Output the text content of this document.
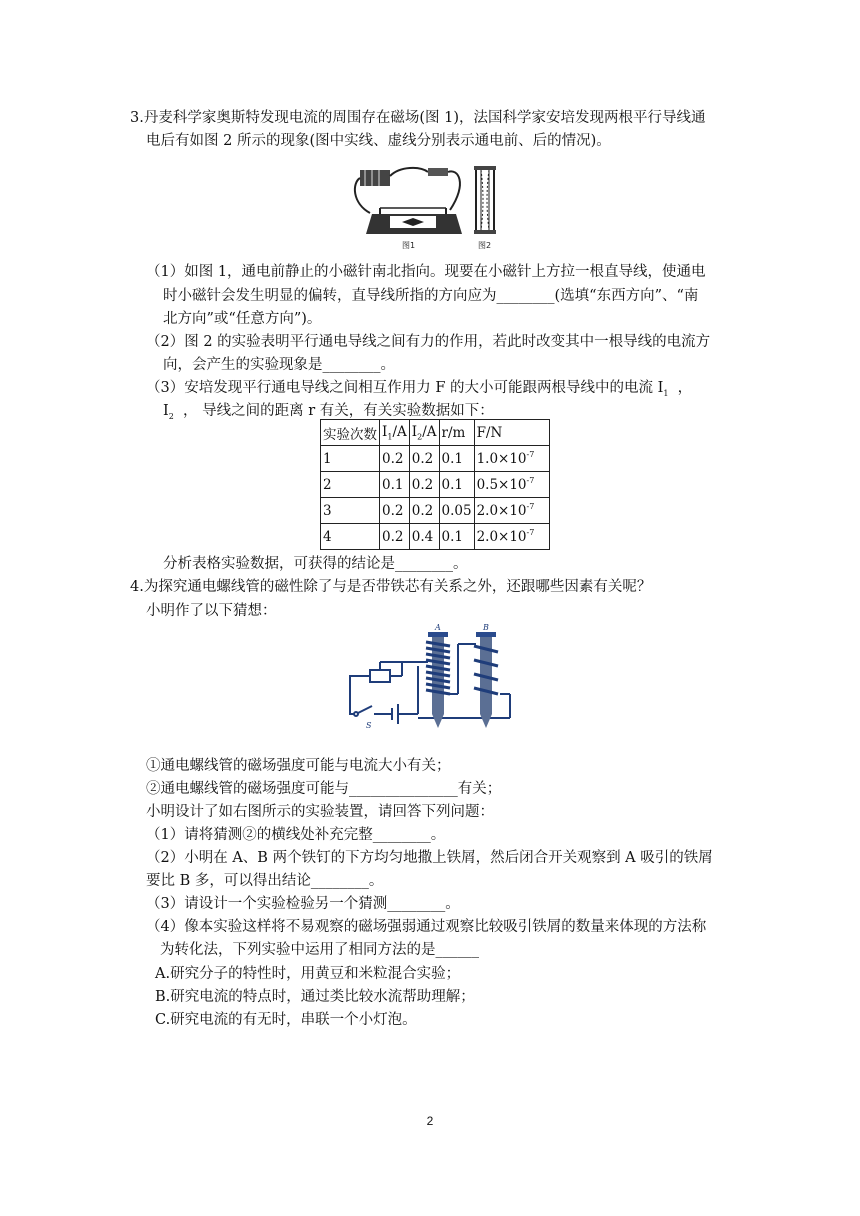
3.丹麦科学家奥斯特发现电流的周围存在磁场(图 1)，法国科学家安培发现两根平行导线通
电后有如图 2 所示的现象(图中实线、虚线分别表示通电前、后的情况)。
图1	图2
（1）如图 1，通电前静止的小磁针南北指向。现要在小磁针上方拉一根直导线，使通电
时小磁针会发生明显的偏转，直导线所指的方向应为________(选填“东西方向”、“南
北方向”或“任意方向”)。
（2）图 2 的实验表明平行通电导线之间有力的作用，若此时改变其中一根导线的电流方
向，会产生的实验现象是________。
（3）安培发现平行通电导线之间相互作用力 F 的大小可能跟两根导线中的电流 $I_1$ ，
$I_2$ ， 导线之间的距离 r 有关，有关实验数据如下：
实验次数	$I_1/A$	$I_2/A$	r/m	F/N
1	0.2	0.2	0.1	$1.0\times 10^{-7}$
2	0.1	0.2	0.1	$0.5\times 10^{-7}$
3	0.2	0.2	0.05	$2.0\times 10^{-7}$
4	0.2	0.4	0.1	$2.0\times 10^{-7}$
分析表格实验数据，可获得的结论是________。
4.为探究通电螺线管的磁性除了与是否带铁芯有关系之外，还跟哪些因素有关呢？
小明作了以下猜想：
A	B
S
①通电螺线管的磁场强度可能与电流大小有关；
②通电螺线管的磁场强度可能与_______________有关；
小明设计了如右图所示的实验装置，请回答下列问题：
（1）请将猜测②的横线处补充完整________。
（2）小明在 A、B 两个铁钉的下方均匀地撒上铁屑，然后闭合开关观察到 A 吸引的铁屑
要比 B 多，可以得出结论________。
（3）请设计一个实验检验另一个猜测________。
（4）像本实验这样将不易观察的磁场强弱通过观察比较吸引铁屑的数量来体现的方法称
为转化法，下列实验中运用了相同方法的是______
A.研究分子的特性时，用黄豆和米粒混合实验；
B.研究电流的特点时，通过类比较水流帮助理解；
C.研究电流的有无时，串联一个小灯泡。
2
